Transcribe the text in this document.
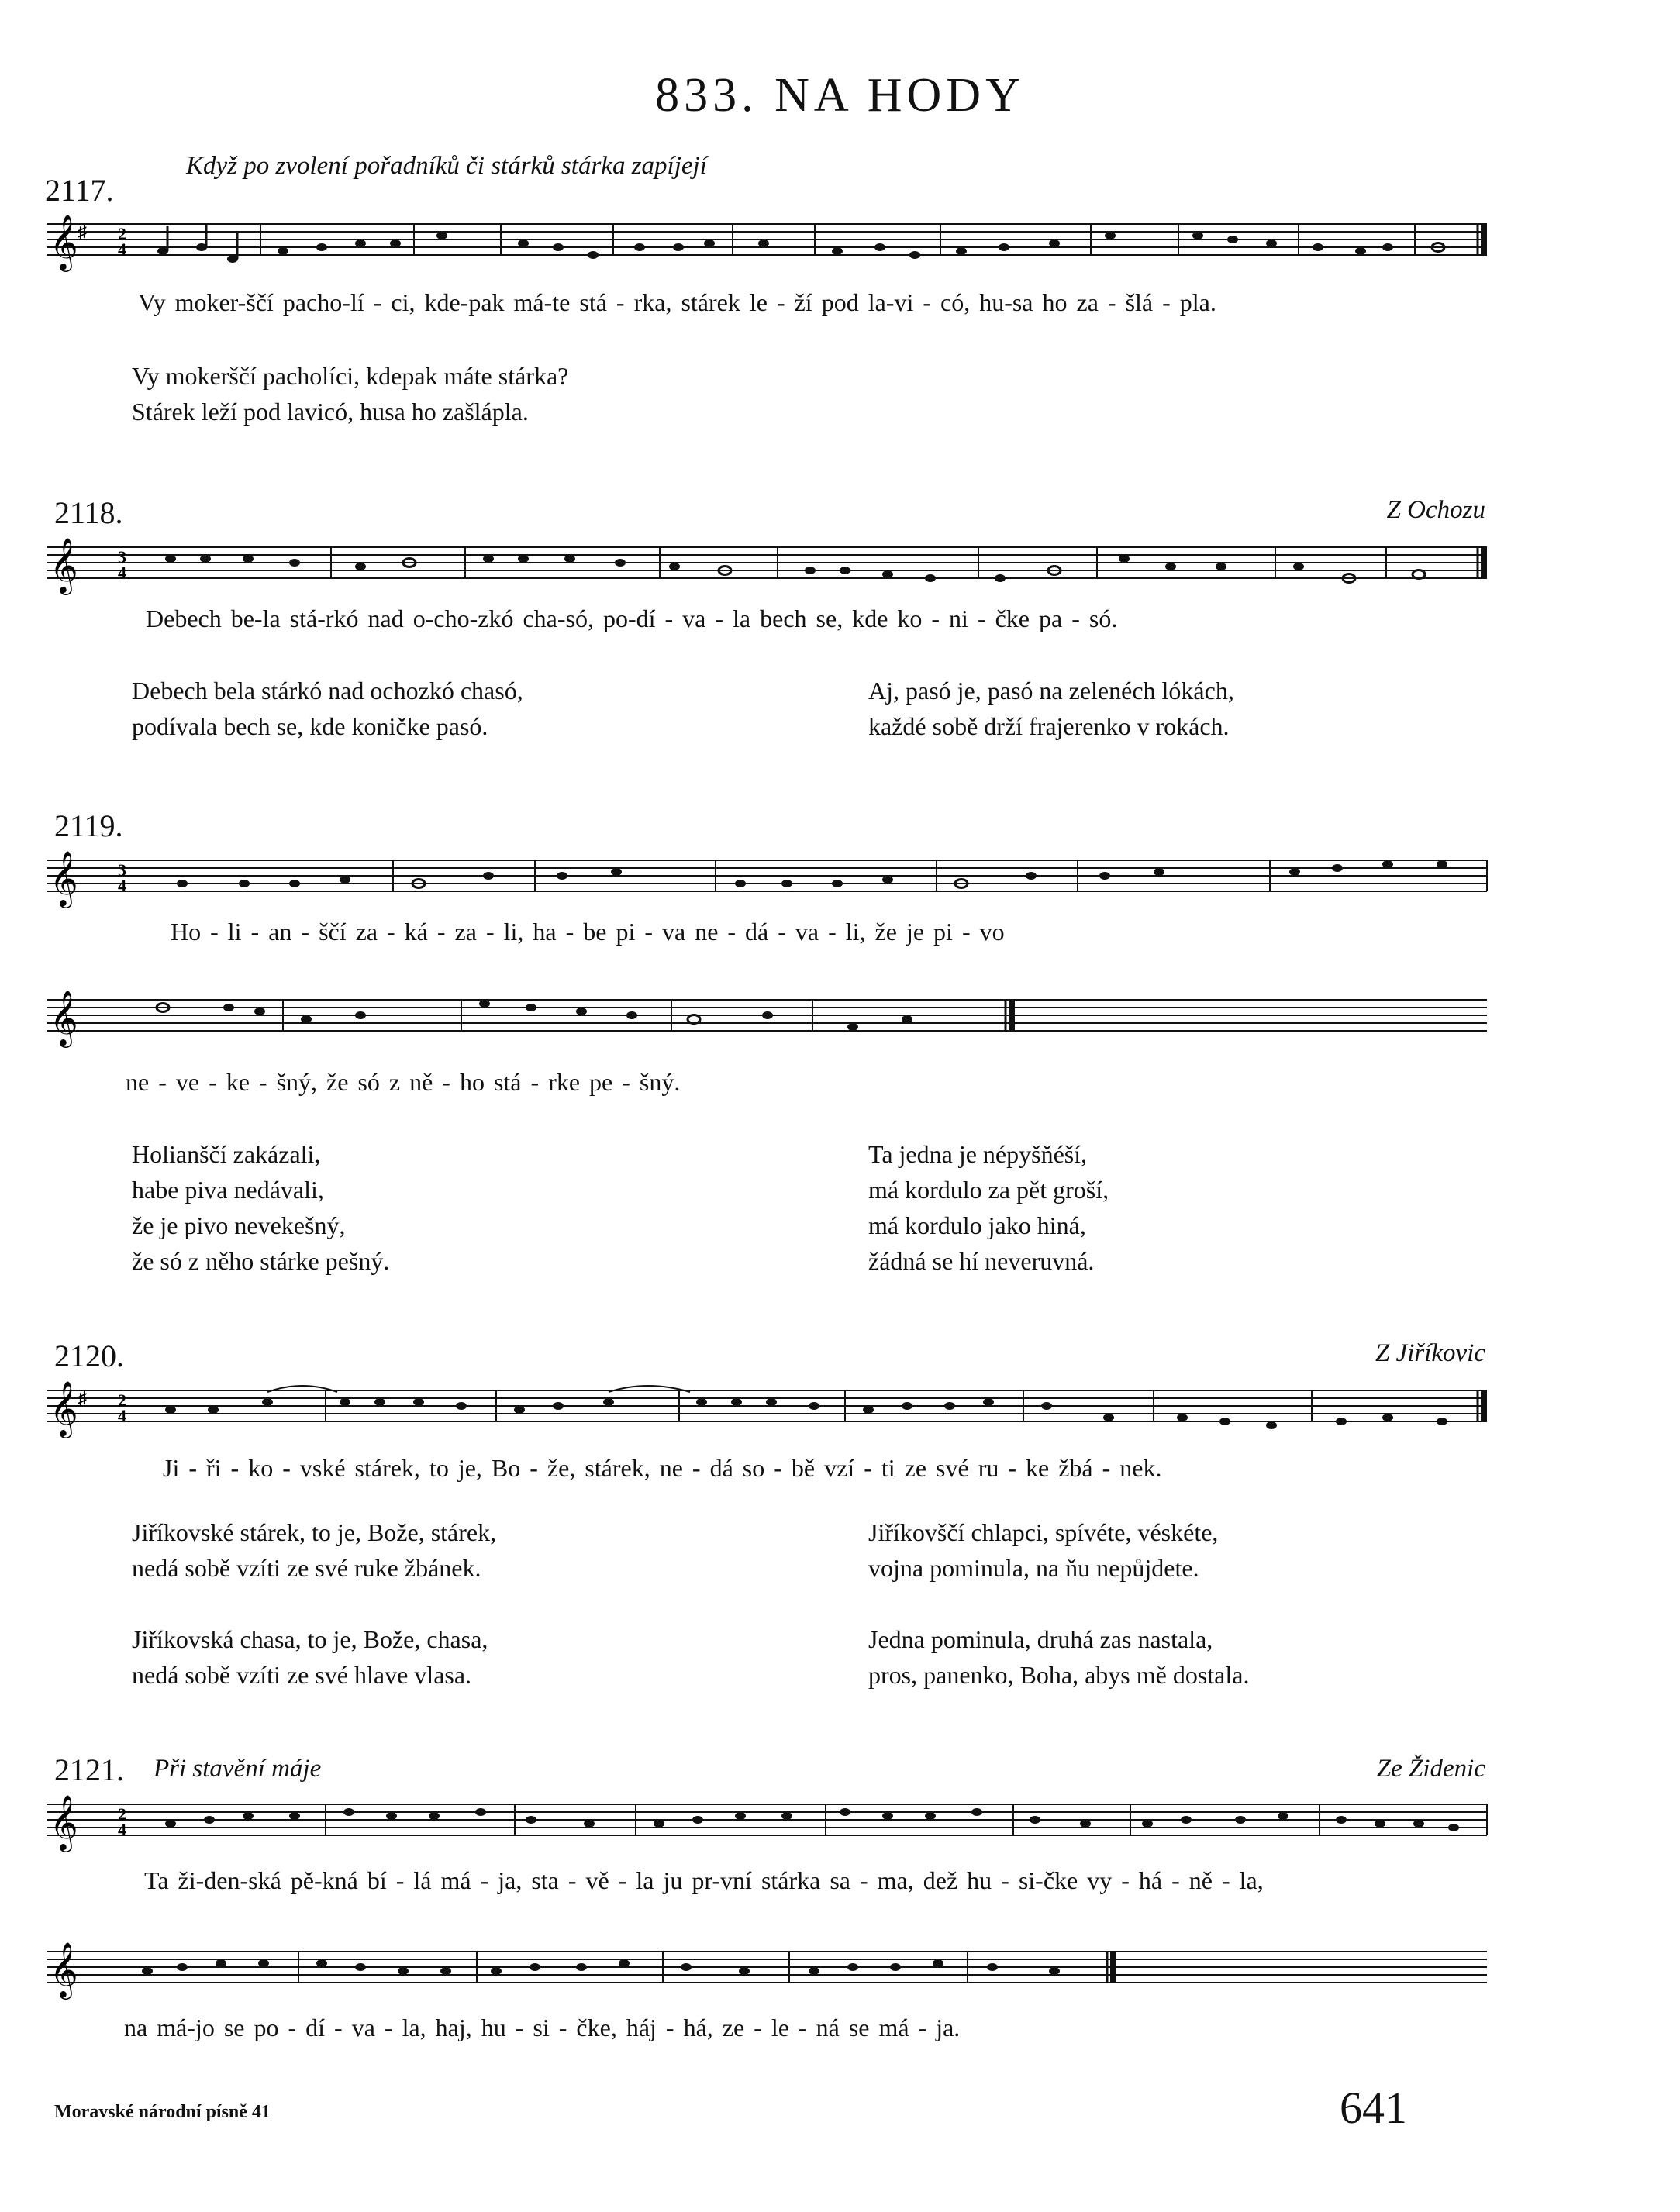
833. NA HODY
Když po zvolení pořadníků či stárků stárka zapíjejí
2117.
𝄞 ♯ 2
4
Vy moker-ščí pacho-lí - ci, kde-pak má-te stá - rka, stárek le - ží pod la-vi - có, hu-sa ho za - šlá - pla.
Vy mokerščí pacholíci, kdepak máte stárka?
Stárek leží pod lavicó, husa ho zašlápla.
2118.	Z Ochozu
𝄞 3
4
Debech be-la stá-rkó nad o-cho-zkó cha-só, po-dí - va - la bech se, kde ko - ni - čke pa - só.
Debech bela stárkó nad ochozkó chasó,
podívala bech se, kde koničke pasó.
Aj, pasó je, pasó na zelenéch lókách,
každé sobě drží frajerenko v rokách.
2119.
𝄞 3
4
Ho - li - an - ščí za - ká - za - li, ha - be pi - va ne - dá - va - li, že je pi - vo
𝄞
ne - ve - ke - šný, že só z ně - ho stá - rke pe - šný.
Holianščí zakázali,
habe piva nedávali,
že je pivo nevekešný,
že só z něho stárke pešný.
Ta jedna je népyšňéší,
má kordulo za pět groší,
má kordulo jako hiná,
žádná se hí neveruvná.
2120.	Z Jiříkovic
𝄞 ♯ 2
4
Ji - ři - ko - vské stárek, to je, Bo - že, stárek, ne - dá so - bě vzí - ti ze své ru - ke žbá - nek.
Jiříkovské stárek, to je, Bože, stárek,
nedá sobě vzíti ze své ruke žbánek.

Jiříkovská chasa, to je, Bože, chasa,
nedá sobě vzíti ze své hlave vlasa.
Jiříkovščí chlapci, spívéte, véskéte,
vojna pominula, na ňu nepůjdete.

Jedna pominula, druhá zas nastala,
pros, panenko, Boha, abys mě dostala.
2121. Při stavění máje	Ze Židenic
𝄞 2
4
Ta ži-den-ská pě-kná bí - lá má - ja, sta - vě - la ju pr-vní stárka sa - ma, dež hu - si-čke vy - há - ně - la,
𝄞
na má-jo se po - dí - va - la, haj, hu - si - čke, háj - há, ze - le - ná se má - ja.
Moravské národní písně 41	641
